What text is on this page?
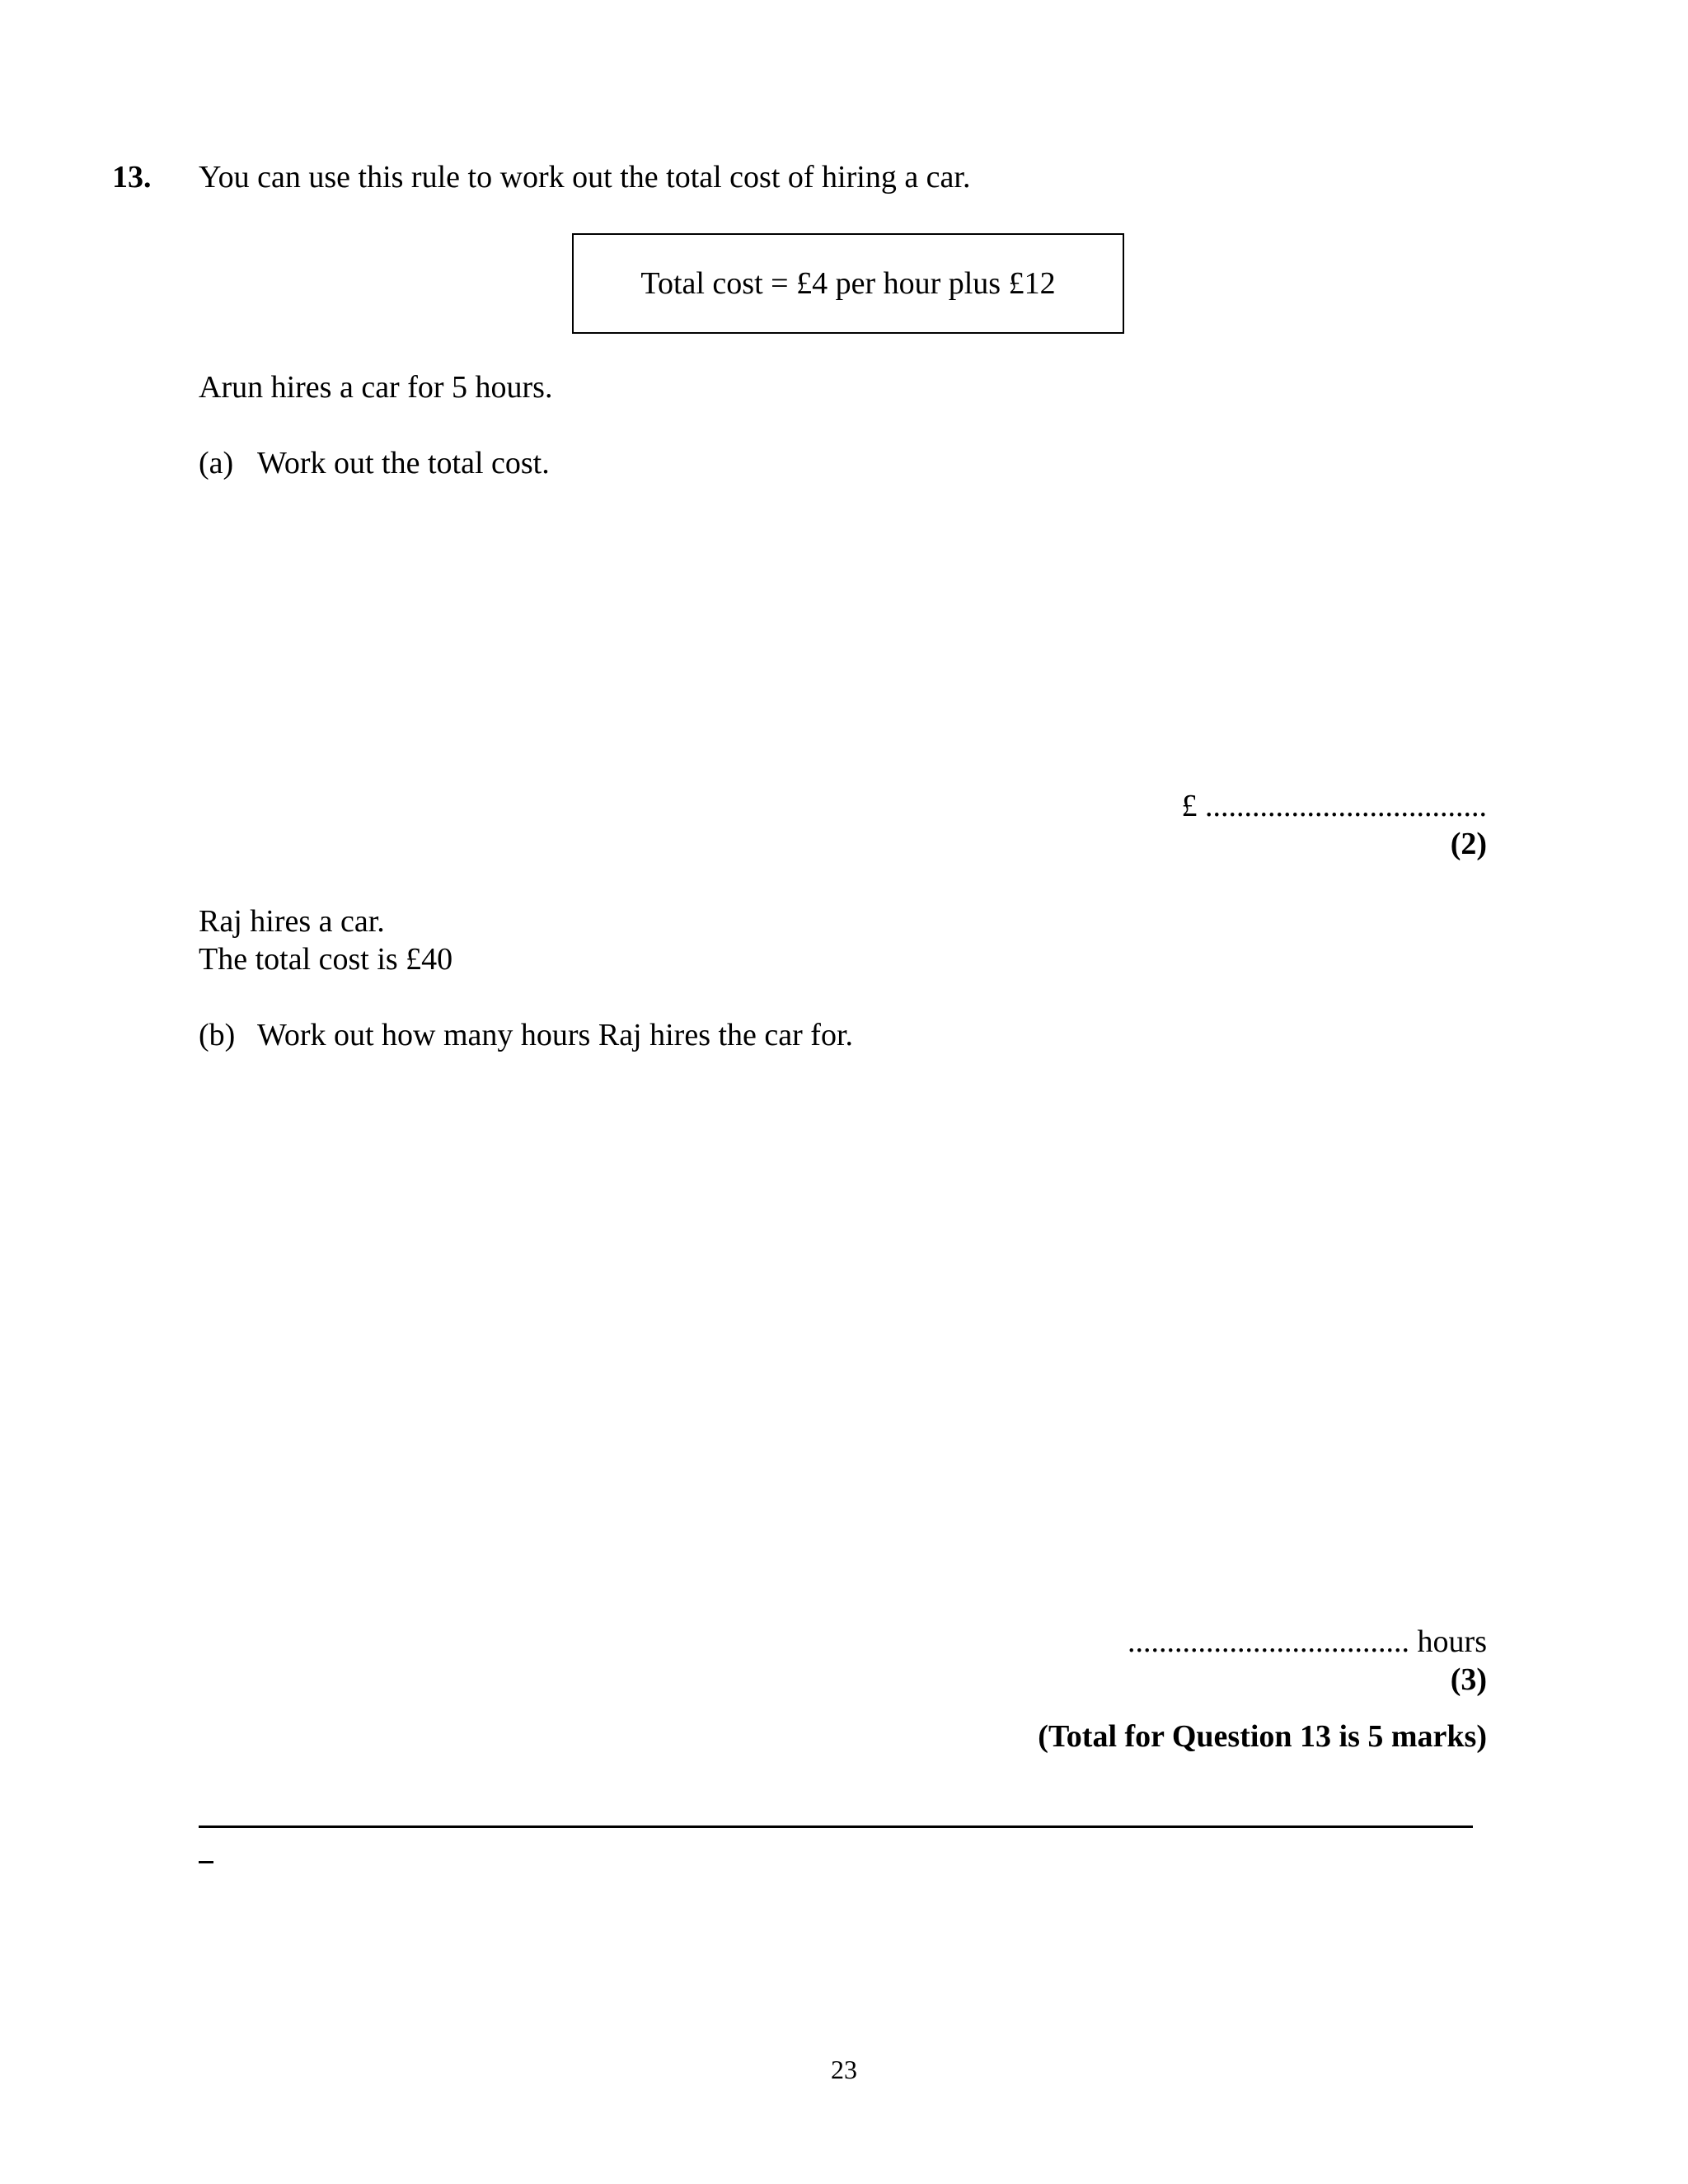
13. You can use this rule to work out the total cost of hiring a car.
Total cost = £4 per hour plus £12
Arun hires a car for 5 hours.
(a) Work out the total cost.
£ ....................................
(2)
Raj hires a car.
The total cost is £40
(b) Work out how many hours Raj hires the car for.
.................................... hours
(3)
(Total for Question 13 is 5 marks)
23
